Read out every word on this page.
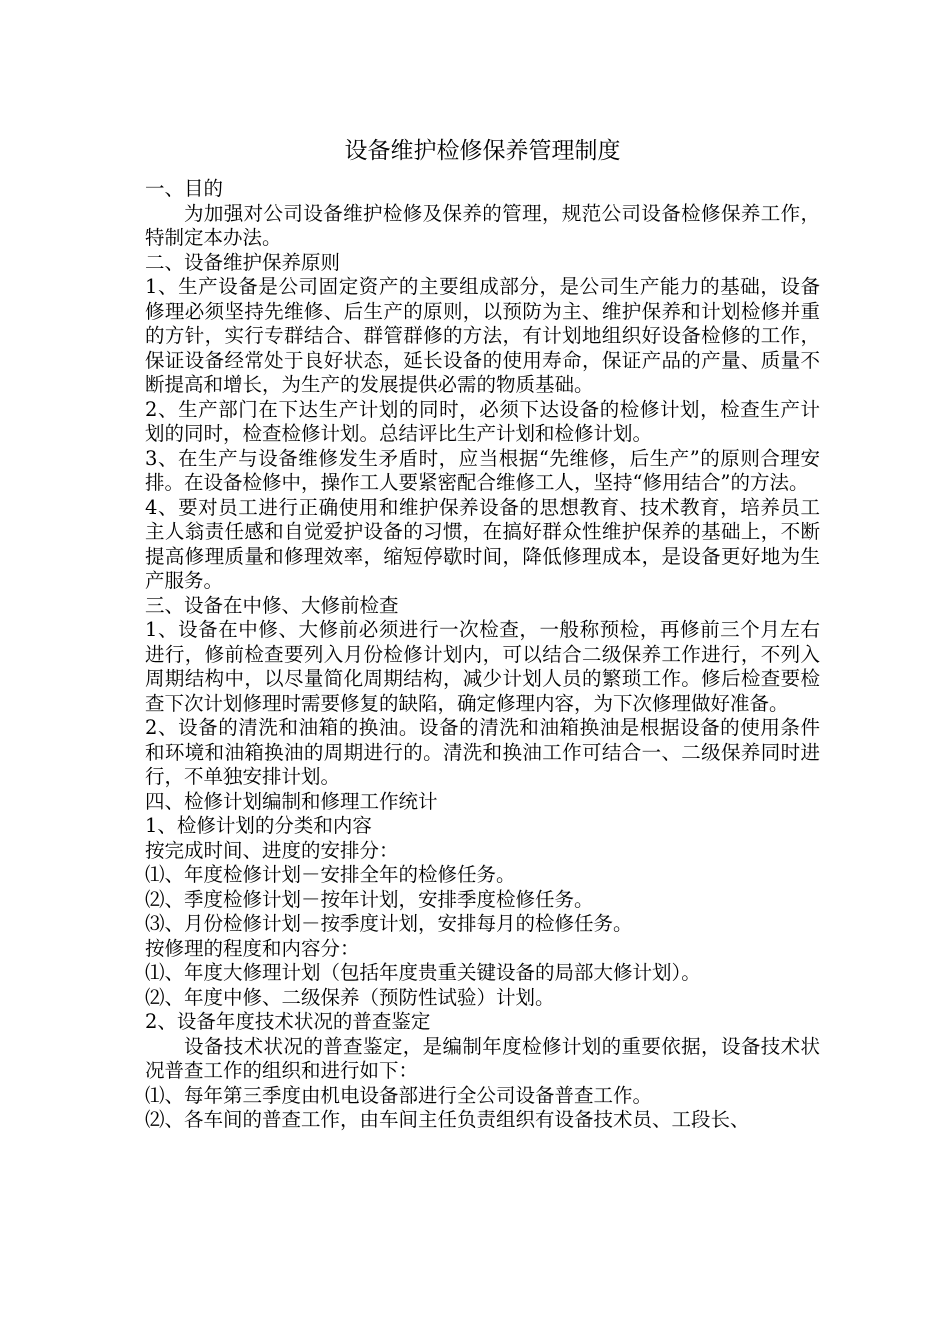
设备维护检修保养管理制度

一、目的

为加强对公司设备维护检修及保养的管理，规范公司设备检修保养工作，特制定本办法。

二、设备维护保养原则

1、生产设备是公司固定资产的主要组成部分，是公司生产能力的基础，设备修理必须坚持先维修、后生产的原则，以预防为主、维护保养和计划检修并重的方针，实行专群结合、群管群修的方法，有计划地组织好设备检修的工作，保证设备经常处于良好状态，延长设备的使用寿命，保证产品的产量、质量不断提高和增长，为生产的发展提供必需的物质基础。

2、生产部门在下达生产计划的同时，必须下达设备的检修计划，检查生产计划的同时，检查检修计划。总结评比生产计划和检修计划。

3、在生产与设备维修发生矛盾时，应当根据“先维修，后生产”的原则合理安排。在设备检修中，操作工人要紧密配合维修工人，坚持“修用结合”的方法。

4、要对员工进行正确使用和维护保养设备的思想教育、技术教育，培养员工主人翁责任感和自觉爱护设备的习惯，在搞好群众性维护保养的基础上，不断提高修理质量和修理效率，缩短停歇时间，降低修理成本，是设备更好地为生产服务。

三、设备在中修、大修前检查

1、设备在中修、大修前必须进行一次检查，一般称预检，再修前三个月左右进行，修前检查要列入月份检修计划内，可以结合二级保养工作进行，不列入周期结构中，以尽量简化周期结构，减少计划人员的繁琐工作。修后检查要检查下次计划修理时需要修复的缺陷，确定修理内容，为下次修理做好准备。

2、设备的清洗和油箱的换油。设备的清洗和油箱换油是根据设备的使用条件和环境和油箱换油的周期进行的。清洗和换油工作可结合一、二级保养同时进行，不单独安排计划。

四、检修计划编制和修理工作统计

1、检修计划的分类和内容

按完成时间、进度的安排分：

⑴、年度检修计划－安排全年的检修任务。

⑵、季度检修计划－按年计划，安排季度检修任务。

⑶、月份检修计划－按季度计划，安排每月的检修任务。

按修理的程度和内容分：

⑴、年度大修理计划（包括年度贵重关键设备的局部大修计划）。

⑵、年度中修、二级保养（预防性试验）计划。

2、设备年度技术状况的普查鉴定

设备技术状况的普查鉴定，是编制年度检修计划的重要依据，设备技术状况普查工作的组织和进行如下：

⑴、每年第三季度由机电设备部进行全公司设备普查工作。

⑵、各车间的普查工作，由车间主任负责组织有设备技术员、工段长、
